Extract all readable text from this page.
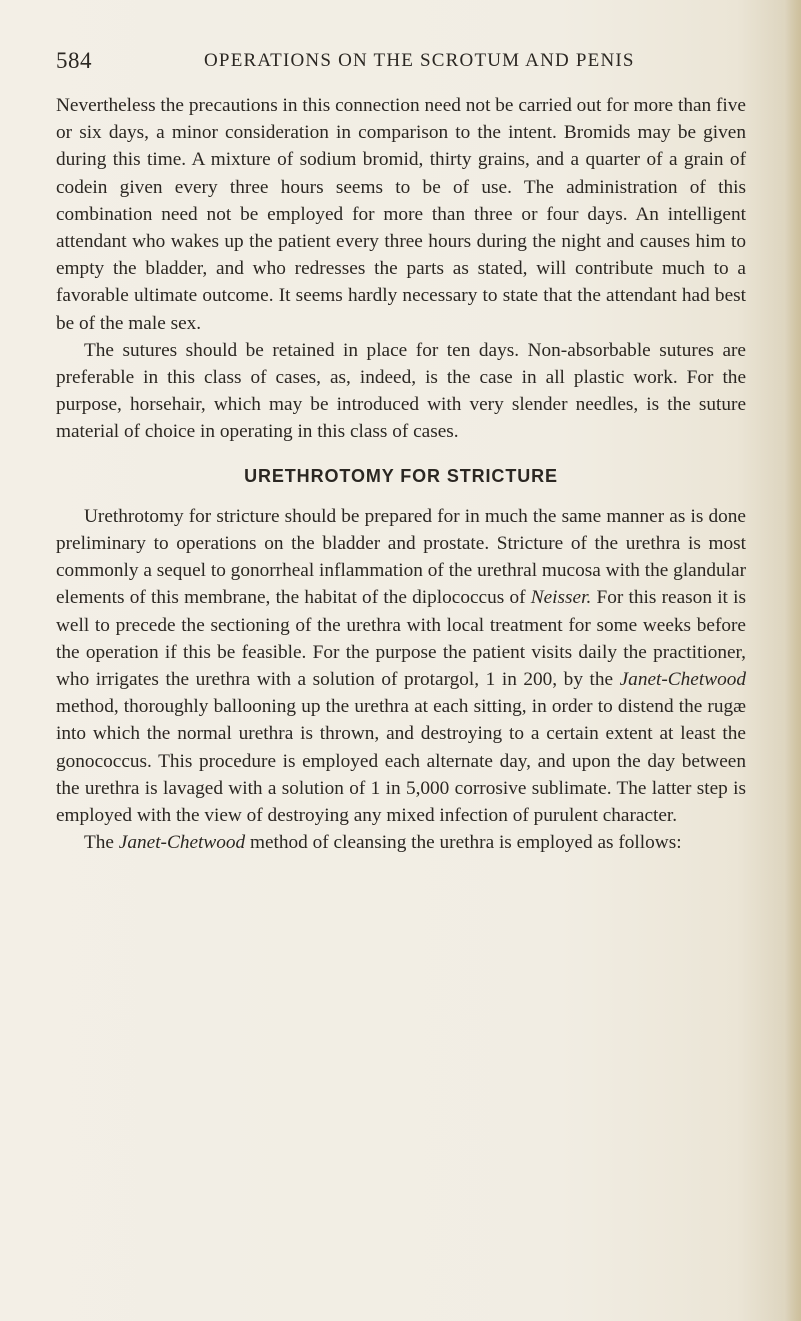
584	OPERATIONS ON THE SCROTUM AND PENIS

Nevertheless the precautions in this connection need not be carried out for more than five or six days, a minor consideration in comparison to the intent. Bromids may be given during this time. A mixture of sodium bromid, thirty grains, and a quarter of a grain of codein given every three hours seems to be of use. The administration of this combination need not be employed for more than three or four days. An intelligent attendant who wakes up the patient every three hours during the night and causes him to empty the bladder, and who redresses the parts as stated, will contribute much to a favorable ultimate outcome. It seems hardly necessary to state that the attendant had best be of the male sex.

The sutures should be retained in place for ten days. Non-absorbable sutures are preferable in this class of cases, as, indeed, is the case in all plastic work. For the purpose, horsehair, which may be introduced with very slender needles, is the suture material of choice in operating in this class of cases.

URETHROTOMY FOR STRICTURE

Urethrotomy for stricture should be prepared for in much the same manner as is done preliminary to operations on the bladder and prostate. Stricture of the urethra is most commonly a sequel to gonorrheal inflammation of the urethral mucosa with the glandular elements of this membrane, the habitat of the diplococcus of Neisser. For this reason it is well to precede the sectioning of the urethra with local treatment for some weeks before the operation if this be feasible. For the purpose the patient visits daily the practitioner, who irrigates the urethra with a solution of protargol, 1 in 200, by the Janet-Chetwood method, thoroughly ballooning up the urethra at each sitting, in order to distend the rugæ into which the normal urethra is thrown, and destroying to a certain extent at least the gonococcus. This procedure is employed each alternate day, and upon the day between the urethra is lavaged with a solution of 1 in 5,000 corrosive sublimate. The latter step is employed with the view of destroying any mixed infection of purulent character.

The Janet-Chetwood method of cleansing the urethra is employed as follows:
